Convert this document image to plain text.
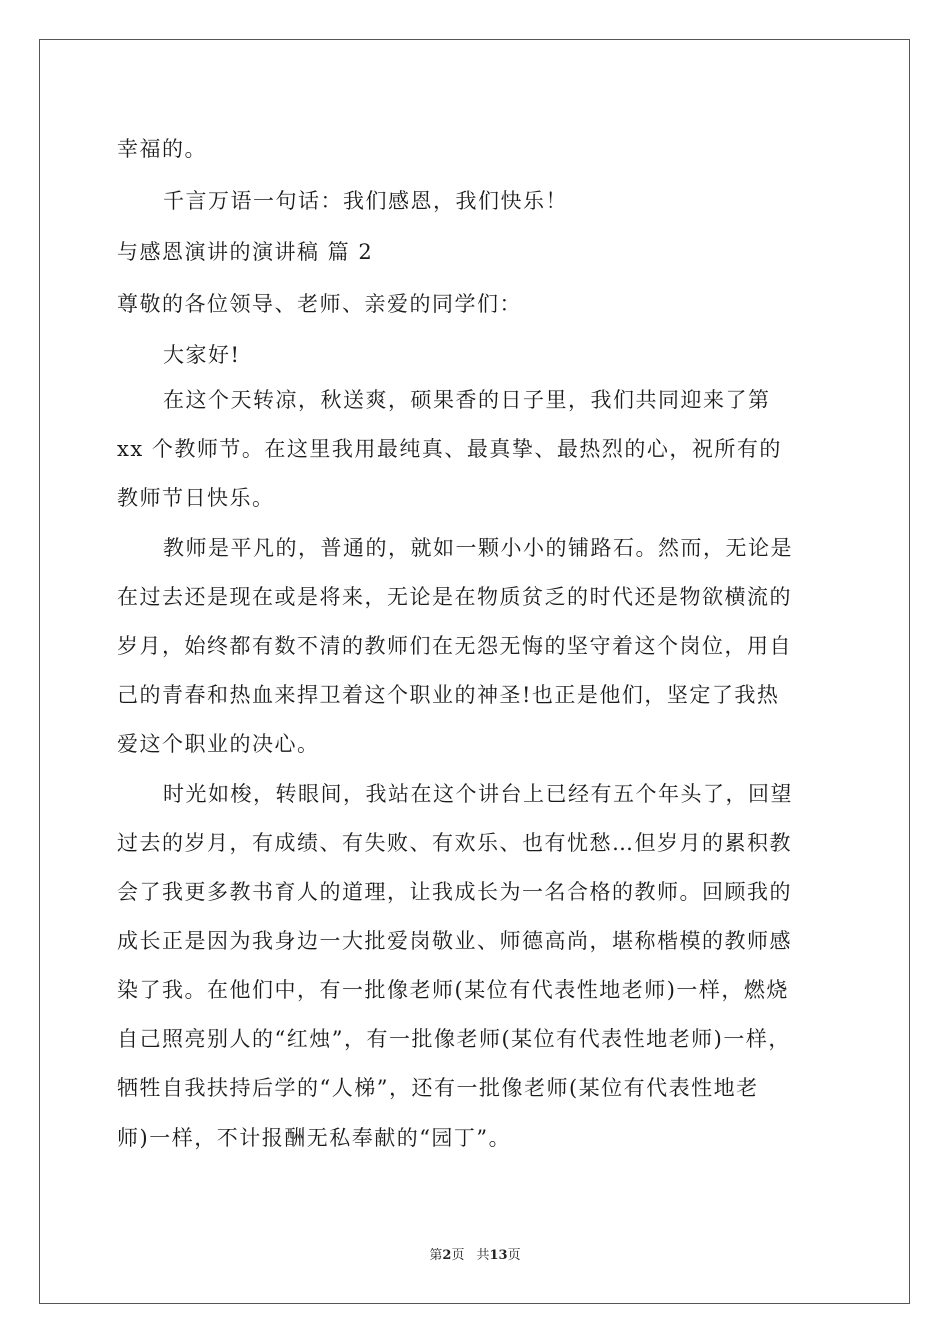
幸福的。
千言万语一句话：我们感恩，我们快乐！
与感恩演讲的演讲稿 篇 2
尊敬的各位领导、老师、亲爱的同学们：
大家好!
在这个天转凉，秋送爽，硕果香的日子里，我们共同迎来了第
xx 个教师节。在这里我用最纯真、最真挚、最热烈的心，祝所有的
教师节日快乐。
教师是平凡的，普通的，就如一颗小小的铺路石。然而，无论是
在过去还是现在或是将来，无论是在物质贫乏的时代还是物欲横流的
岁月，始终都有数不清的教师们在无怨无悔的坚守着这个岗位，用自
己的青春和热血来捍卫着这个职业的神圣!也正是他们，坚定了我热
爱这个职业的决心。
时光如梭，转眼间，我站在这个讲台上已经有五个年头了，回望
过去的岁月，有成绩、有失败、有欢乐、也有忧愁…但岁月的累积教
会了我更多教书育人的道理，让我成长为一名合格的教师。回顾我的
成长正是因为我身边一大批爱岗敬业、师德高尚，堪称楷模的教师感
染了我。在他们中，有一批像老师(某位有代表性地老师)一样，燃烧
自己照亮别人的“红烛”，有一批像老师(某位有代表性地老师)一样，
牺牲自我扶持后学的“人梯”，还有一批像老师(某位有代表性地老
师)一样，不计报酬无私奉献的“园丁”。
第2页 共13页
